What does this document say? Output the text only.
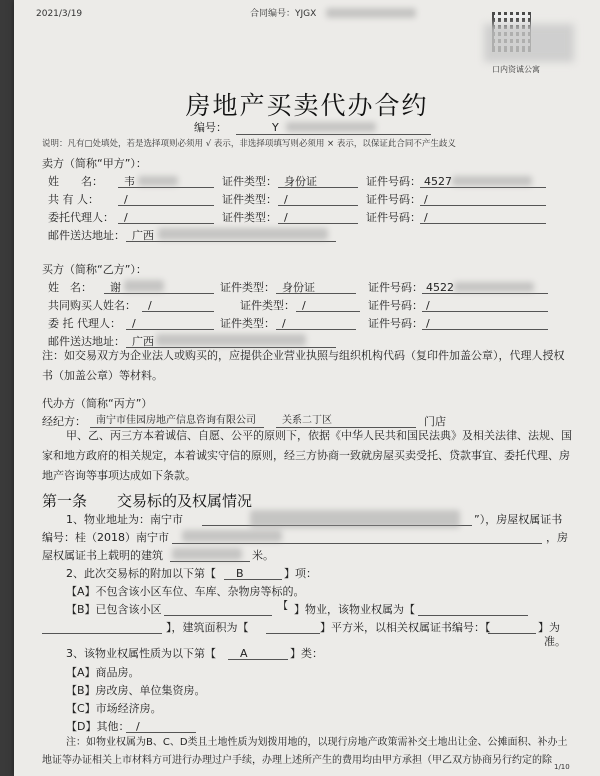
2021/3/19	合同编号：YJGX
口内资诚公寓
房地产买卖代办合约
编号：	Y
说明：凡有□处填处，若是选择项则必须用 √ 表示，非选择项填写则必须用 × 表示，以保证此合同不产生歧义
卖方（简称“甲方”）：
姓　　名： 韦	证件类型： 身份证	证件号码： 4527
共 有 人： /	证件类型： /	证件号码： /
委托代理人： /	证件类型： /	证件号码： /
邮件送达地址： 广西
买方（简称“乙方”）：
姓　名： 谢	证件类型： 身份证	证件号码： 4522
共同购买人姓名： /	证件类型： /	证件号码： /
委 托 代理人： /	证件类型： /	证件号码： /
邮件送达地址： 广西
注：如交易双方为企业法人或购买的，应提供企业营业执照与组织机构代码（复印件加盖公章），代理人授权书（加盖公章）等材料。
代办方（简称“丙方”）
经纪方： 南宁市佳园房地产信息咨询有限公司	关系二丁区	门店
甲、乙、丙三方本着诚信、自愿、公平的原则下，依据《中华人民共和国民法典》及相关法律、法规、国家和地方政府的相关规定，本着诚实守信的原则，经三方协商一致就房屋买卖受托、贷款事宜、委托代理、房地产咨询等事项达成如下条款。
第一条　　交易标的及权属情况
1、物业地址为：南宁市	”），房屋权属证书
编号：桂（2018）南宁市	，房
屋权属证书上载明的建筑	米。
2、此次交易标的附加以下第【 B	】项：
【A】不包含该小区车位、车库、杂物房等标的。
【B】已包含该小区	【 】物业，该物业权属为【
】，建筑面积为【	】平方米，以相关权属证书编号：【	】为
准。
3、该物业权属性质为以下第【 A	】类：
【A】商品房。
【B】房改房、单位集资房。
【C】市场经济房。
【D】其他： /
注：如物业权属为B、C、D类且土地性质为划拨用地的，以现行房地产政策需补交土地出让金、公摊面积、补办土地证等办证相关上市材料方可进行办理过户手续，办理上述所产生的费用均由甲方承担（甲乙双方协商另行约定的除
1/10
